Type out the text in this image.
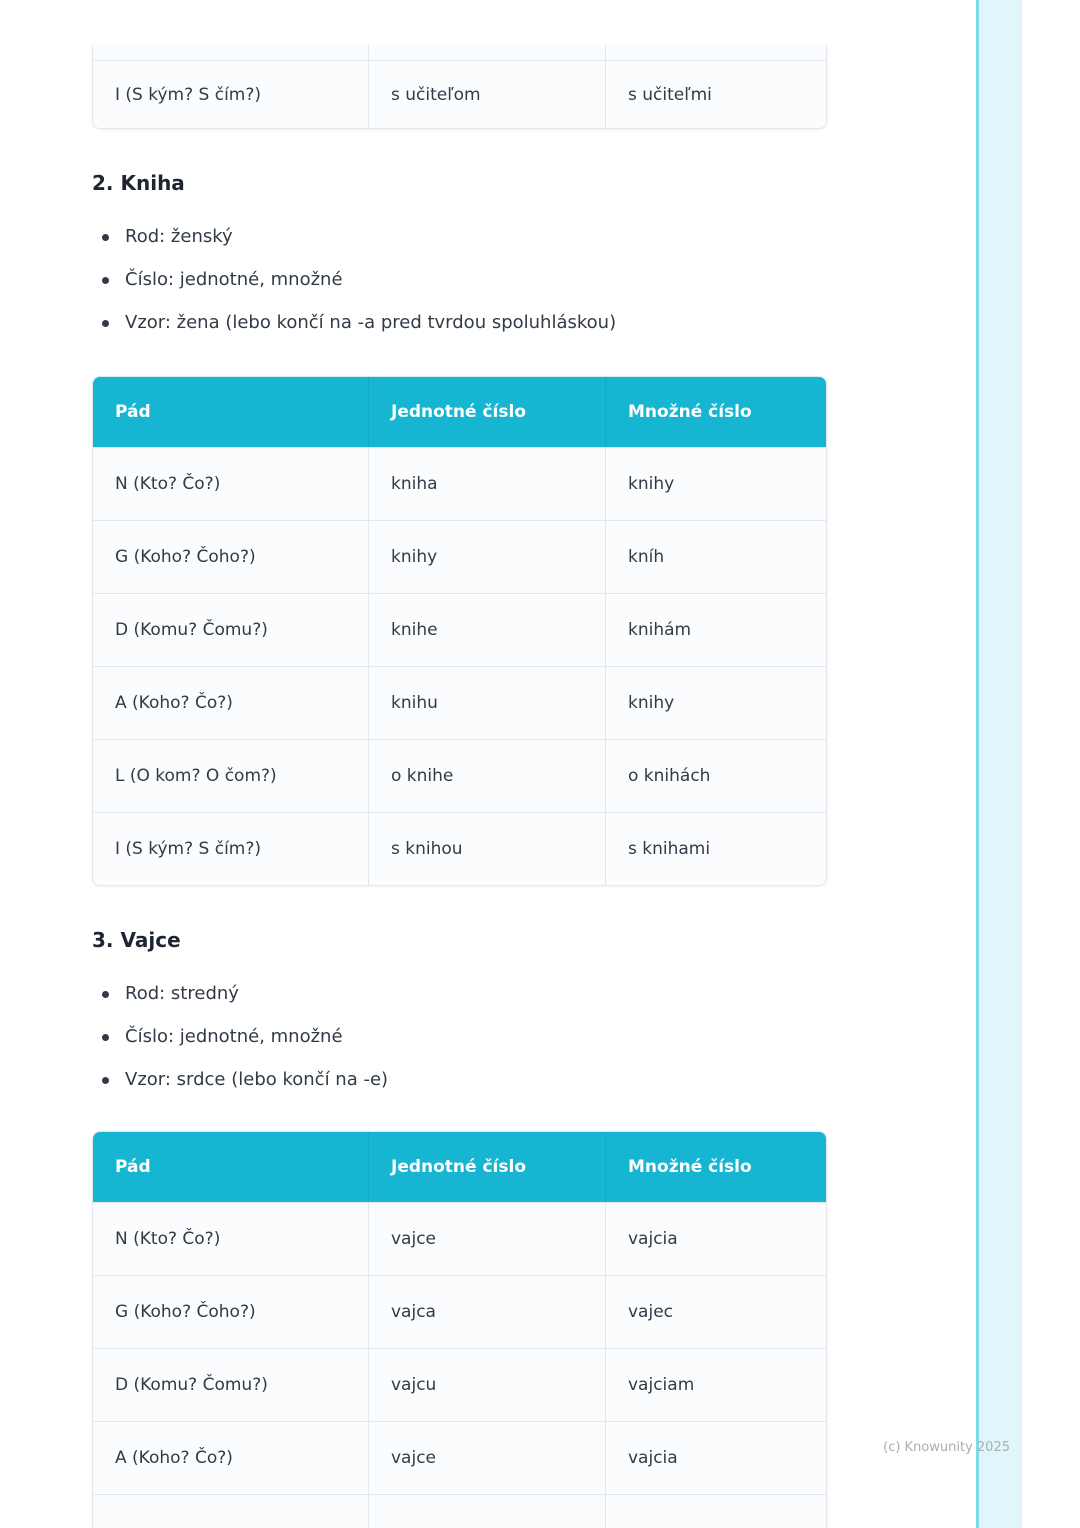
I (S kým? S čím?)	s učiteľom	s učiteľmi
2. Kniha
Rod: ženský
Číslo: jednotné, množné
Vzor: žena (lebo končí na -a pred tvrdou spoluhláskou)
Pád	Jednotné číslo	Množné číslo
N (Kto? Čo?)	kniha	knihy
G (Koho? Čoho?)	knihy	kníh
D (Komu? Čomu?)	knihe	knihám
A (Koho? Čo?)	knihu	knihy
L (O kom? O čom?)	o knihe	o knihách
I (S kým? S čím?)	s knihou	s knihami
3. Vajce
Rod: stredný
Číslo: jednotné, množné
Vzor: srdce (lebo končí na -e)
Pád	Jednotné číslo	Množné číslo
N (Kto? Čo?)	vajce	vajcia
G (Koho? Čoho?)	vajca	vajec
D (Komu? Čomu?)	vajcu	vajciam
A (Koho? Čo?)	vajce	vajcia
(c) Knowunity 2025
